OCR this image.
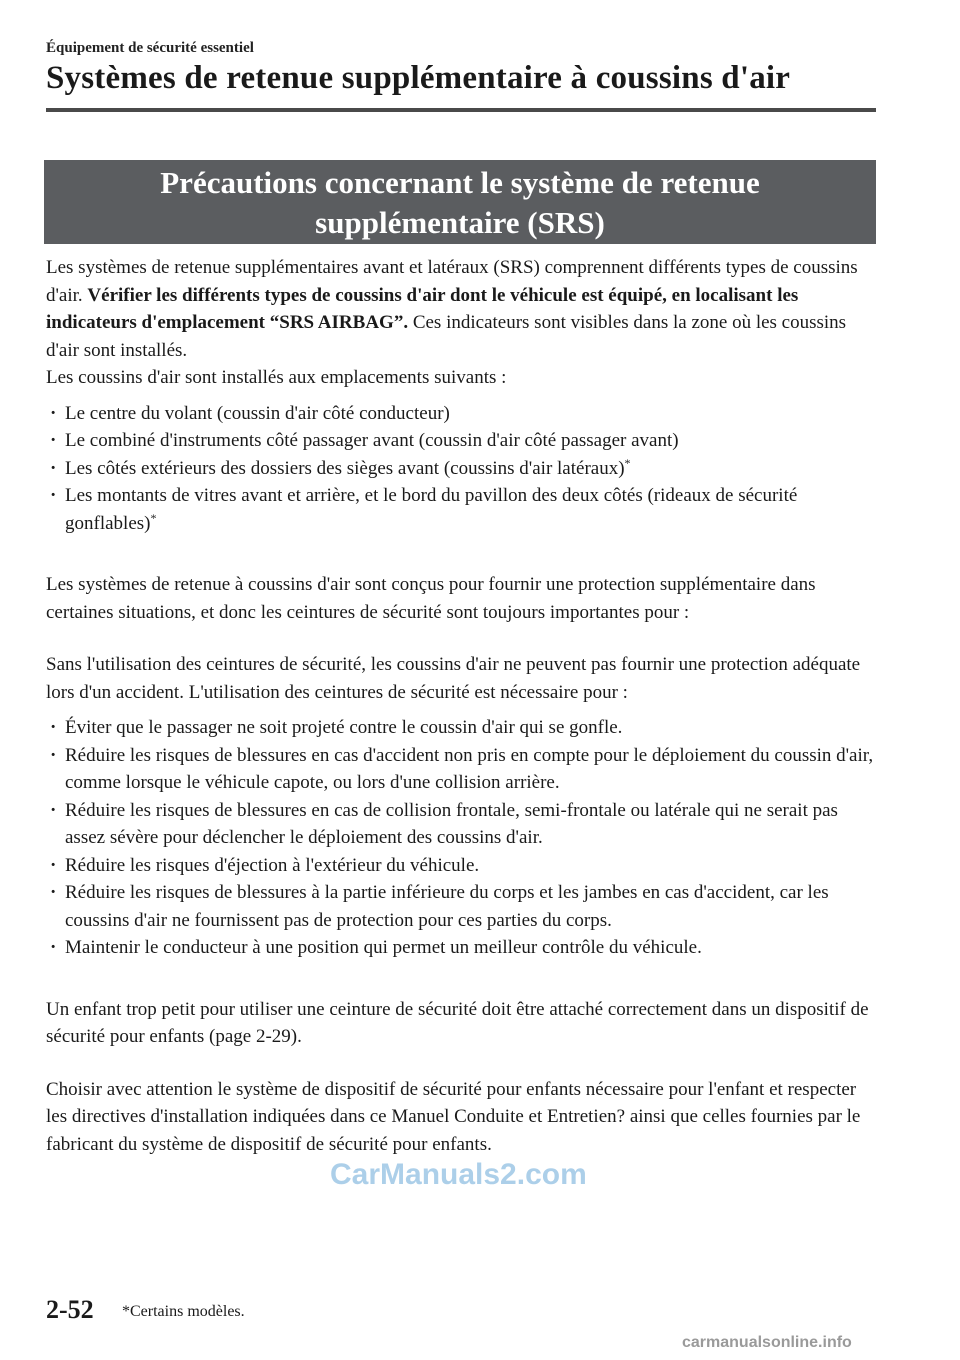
Équipement de sécurité essentiel
Systèmes de retenue supplémentaire à coussins d'air
Précautions concernant le système de retenue
supplémentaire (SRS)

Les systèmes de retenue supplémentaires avant et latéraux (SRS) comprennent différents types de coussins d'air. Vérifier les différents types de coussins d'air dont le véhicule est équipé, en localisant les indicateurs d'emplacement “SRS AIRBAG”. Ces indicateurs sont visibles dans la zone où les coussins d'air sont installés.

Les coussins d'air sont installés aux emplacements suivants :

· Le centre du volant (coussin d'air côté conducteur)
· Le combiné d'instruments côté passager avant (coussin d'air côté passager avant)
· Les côtés extérieurs des dossiers des sièges avant (coussins d'air latéraux)*
· Les montants de vitres avant et arrière, et le bord du pavillon des deux côtés (rideaux de sécurité gonflables)*

Les systèmes de retenue à coussins d'air sont conçus pour fournir une protection supplémentaire dans certaines situations, et donc les ceintures de sécurité sont toujours importantes pour :

Sans l'utilisation des ceintures de sécurité, les coussins d'air ne peuvent pas fournir une protection adéquate lors d'un accident. L'utilisation des ceintures de sécurité est nécessaire pour :

· Éviter que le passager ne soit projeté contre le coussin d'air qui se gonfle.
· Réduire les risques de blessures en cas d'accident non pris en compte pour le déploiement du coussin d'air, comme lorsque le véhicule capote, ou lors d'une collision arrière.
· Réduire les risques de blessures en cas de collision frontale, semi-frontale ou latérale qui ne serait pas assez sévère pour déclencher le déploiement des coussins d'air.
· Réduire les risques d'éjection à l'extérieur du véhicule.
· Réduire les risques de blessures à la partie inférieure du corps et les jambes en cas d'accident, car les coussins d'air ne fournissent pas de protection pour ces parties du corps.
· Maintenir le conducteur à une position qui permet un meilleur contrôle du véhicule.

Un enfant trop petit pour utiliser une ceinture de sécurité doit être attaché correctement dans un dispositif de sécurité pour enfants (page 2-29).

Choisir avec attention le système de dispositif de sécurité pour enfants nécessaire pour l'enfant et respecter les directives d'installation indiquées dans ce Manuel Conduite et Entretien? ainsi que celles fournies par le fabricant du système de dispositif de sécurité pour enfants.

CarManuals2.com
2-52 *Certains modèles.
carmanualsonline.info
